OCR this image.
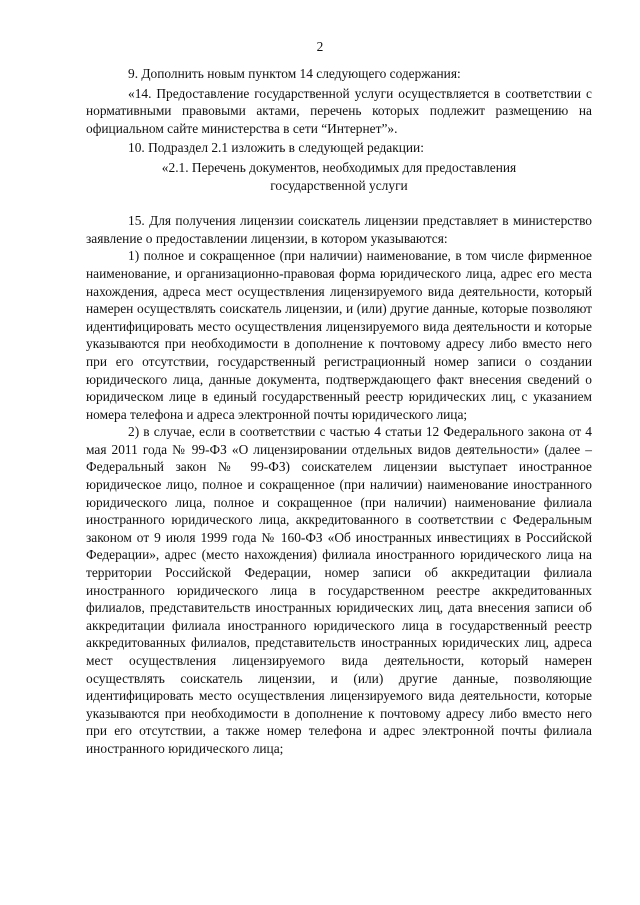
2

9. Дополнить новым пунктом 14 следующего содержания:

«14. Предоставление государственной услуги осуществляется в соответствии с нормативными правовыми актами, перечень которых подлежит размещению на официальном сайте министерства в сети “Интернет”».

10. Подраздел 2.1 изложить в следующей редакции:

«2.1. Перечень документов, необходимых для предоставления государственной услуги

15. Для получения лицензии соискатель лицензии представляет в министерство заявление о предоставлении лицензии, в котором указываются:

1) полное и сокращенное (при наличии) наименование, в том числе фирменное наименование, и организационно-правовая форма юридического лица, адрес его места нахождения, адреса мест осуществления лицензируемого вида деятельности, который намерен осуществлять соискатель лицензии, и (или) другие данные, которые позволяют идентифицировать место осуществления лицензируемого вида деятельности и которые указываются при необходимости в дополнение к почтовому адресу либо вместо него при его отсутствии, государственный регистрационный номер записи о создании юридического лица, данные документа, подтверждающего факт внесения сведений о юридическом лице в единый государственный реестр юридических лиц, с указанием номера телефона и адреса электронной почты юридического лица;

2) в случае, если в соответствии с частью 4 статьи 12 Федерального закона от 4 мая 2011 года № 99-ФЗ «О лицензировании отдельных видов деятельности» (далее – Федеральный закон № 99-ФЗ) соискателем лицензии выступает иностранное юридическое лицо, полное и сокращенное (при наличии) наименование иностранного юридического лица, полное и сокращенное (при наличии) наименование филиала иностранного юридического лица, аккредитованного в соответствии с Федеральным законом от 9 июля 1999 года № 160-ФЗ «Об иностранных инвестициях в Российской Федерации», адрес (место нахождения) филиала иностранного юридического лица на территории Российской Федерации, номер записи об аккредитации филиала иностранного юридического лица в государственном реестре аккредитованных филиалов, представительств иностранных юридических лиц, дата внесения записи об аккредитации филиала иностранного юридического лица в государственный реестр аккредитованных филиалов, представительств иностранных юридических лиц, адреса мест осуществления лицензируемого вида деятельности, который намерен осуществлять соискатель лицензии, и (или) другие данные, позволяющие идентифицировать место осуществления лицензируемого вида деятельности, которые указываются при необходимости в дополнение к почтовому адресу либо вместо него при его отсутствии, а также номер телефона и адрес электронной почты филиала иностранного юридического лица;
